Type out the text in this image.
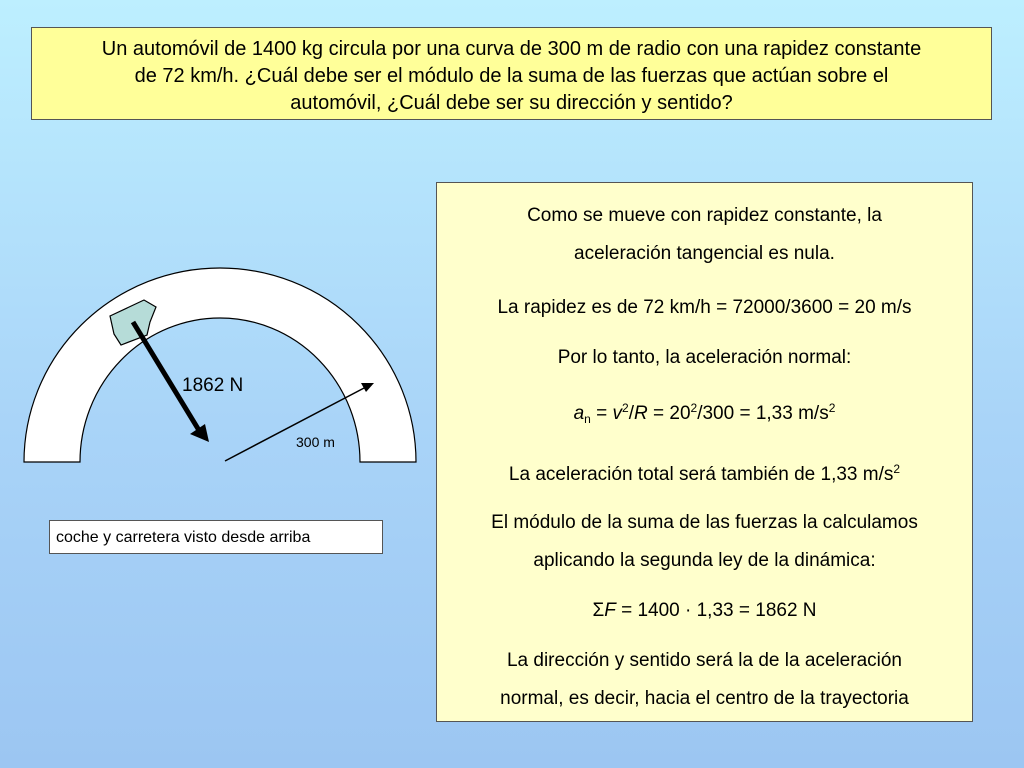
Un automóvil de 1400 kg circula por una curva de 300 m de radio con una rapidez constante
de 72 km/h. ¿Cuál debe ser el módulo de la suma de las fuerzas que actúan sobre el
automóvil, ¿Cuál debe ser su dirección y sentido?
1862 N
300 m
coche y carretera visto desde arriba

Como se mueve con rapidez constante, la

aceleración tangencial es nula.

La rapidez es de 72 km/h = 72000/3600 = 20 m/s

Por lo tanto, la aceleración normal:

$a_n = v^2/R = 20^2/300 = 1,33$ $m/s^2$

La aceleración total será también de 1,33 $m/s^2$

El módulo de la suma de las fuerzas la calculamos

aplicando la segunda ley de la dinámica:

ΣF = 1400 · 1,33 = 1862 N

La dirección y sentido será la de la aceleración

normal, es decir, hacia el centro de la trayectoria
